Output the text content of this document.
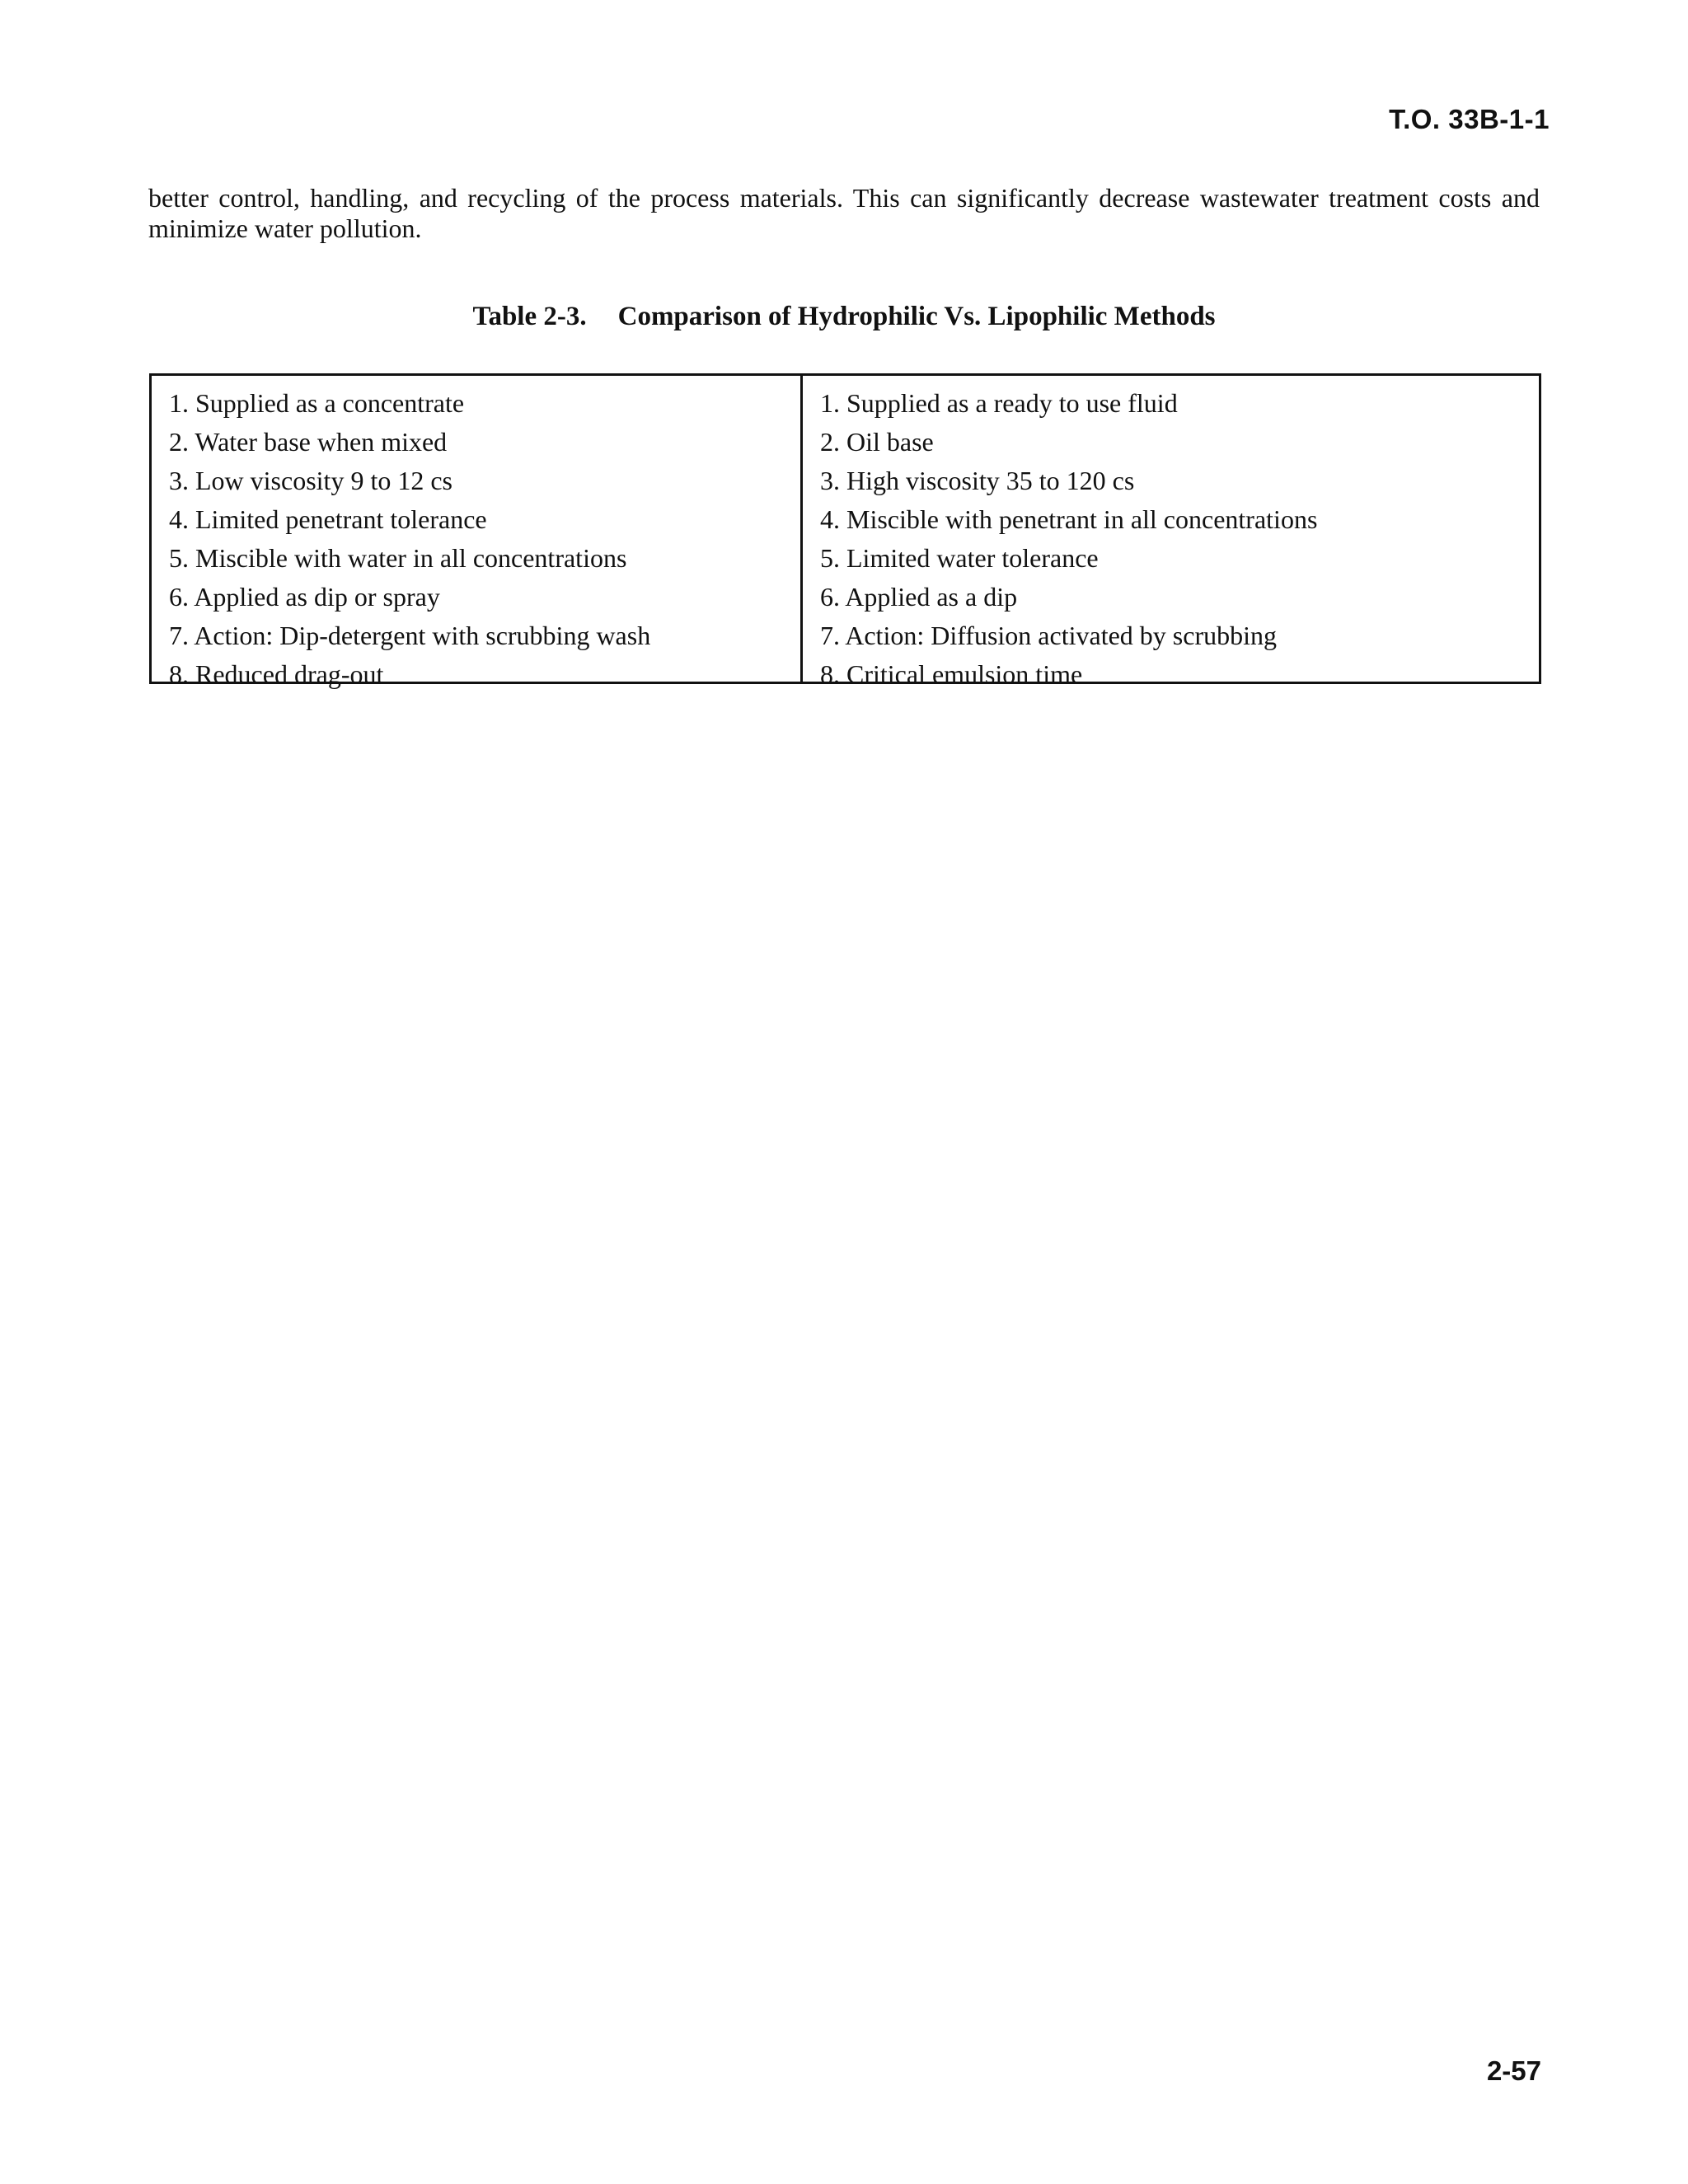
T.O. 33B-1-1

better control, handling, and recycling of the process materials. This can significantly decrease wastewater treatment costs and minimize water pollution.

Table 2-3. Comparison of Hydrophilic Vs. Lipophilic Methods
1. Supplied as a concentrate
2. Water base when mixed
3. Low viscosity 9 to 12 cs
4. Limited penetrant tolerance
5. Miscible with water in all concentrations
6. Applied as dip or spray
7. Action: Dip-detergent with scrubbing wash
8. Reduced drag-out
1. Supplied as a ready to use fluid
2. Oil base
3. High viscosity 35 to 120 cs
4. Miscible with penetrant in all concentrations
5. Limited water tolerance
6. Applied as a dip
7. Action: Diffusion activated by scrubbing
8. Critical emulsion time
2-57
